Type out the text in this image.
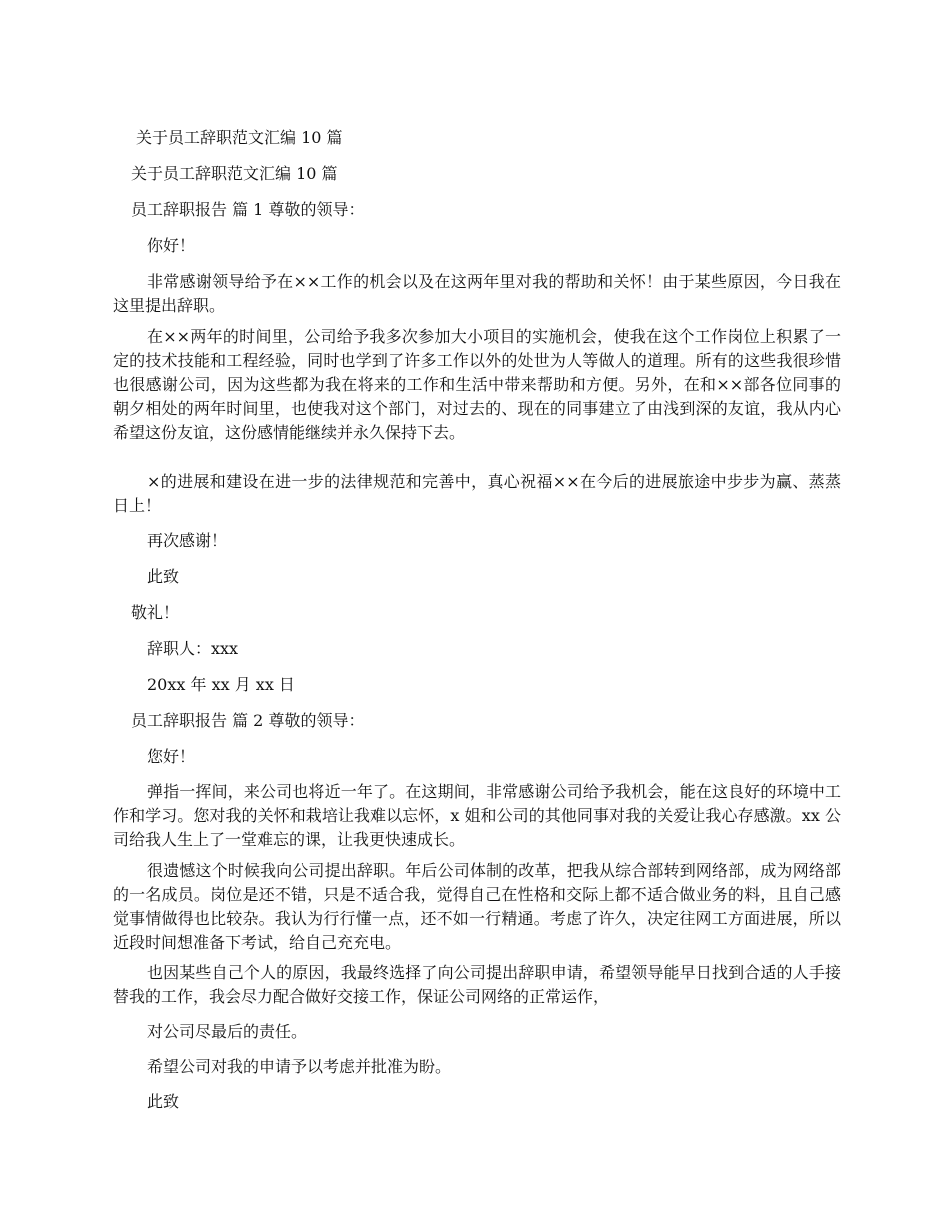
关于员工辞职范文汇编 10 篇

关于员工辞职范文汇编 10 篇

员工辞职报告 篇 1 尊敬的领导：

你好！

非常感谢领导给予在××工作的机会以及在这两年里对我的帮助和关怀！由于某些原因，今日我在这里提出辞职。

在××两年的时间里，公司给予我多次参加大小项目的实施机会，使我在这个工作岗位上积累了一定的技术技能和工程经验，同时也学到了许多工作以外的处世为人等做人的道理。所有的这些我很珍惜也很感谢公司，因为这些都为我在将来的工作和生活中带来帮助和方便。另外，在和××部各位同事的朝夕相处的两年时间里，也使我对这个部门，对过去的、现在的同事建立了由浅到深的友谊，我从内心希望这份友谊，这份感情能继续并永久保持下去。

×的进展和建设在进一步的法律规范和完善中，真心祝福××在今后的进展旅途中步步为赢、蒸蒸日上！

再次感谢！

此致

敬礼！

辞职人：xxx

20xx 年 xx 月 xx 日

员工辞职报告 篇 2 尊敬的领导：

您好！

弹指一挥间，来公司也将近一年了。在这期间，非常感谢公司给予我机会，能在这良好的环境中工作和学习。您对我的关怀和栽培让我难以忘怀，x 姐和公司的其他同事对我的关爱让我心存感激。xx 公司给我人生上了一堂难忘的课，让我更快速成长。

很遗憾这个时候我向公司提出辞职。年后公司体制的改革，把我从综合部转到网络部，成为网络部的一名成员。岗位是还不错，只是不适合我，觉得自己在性格和交际上都不适合做业务的料，且自己感觉事情做得也比较杂。我认为行行懂一点，还不如一行精通。考虑了许久，决定往网工方面进展，所以近段时间想准备下考试，给自己充充电。

也因某些自己个人的原因，我最终选择了向公司提出辞职申请，希望领导能早日找到合适的人手接替我的工作，我会尽力配合做好交接工作，保证公司网络的正常运作，

对公司尽最后的责任。

希望公司对我的申请予以考虑并批准为盼。

此致
